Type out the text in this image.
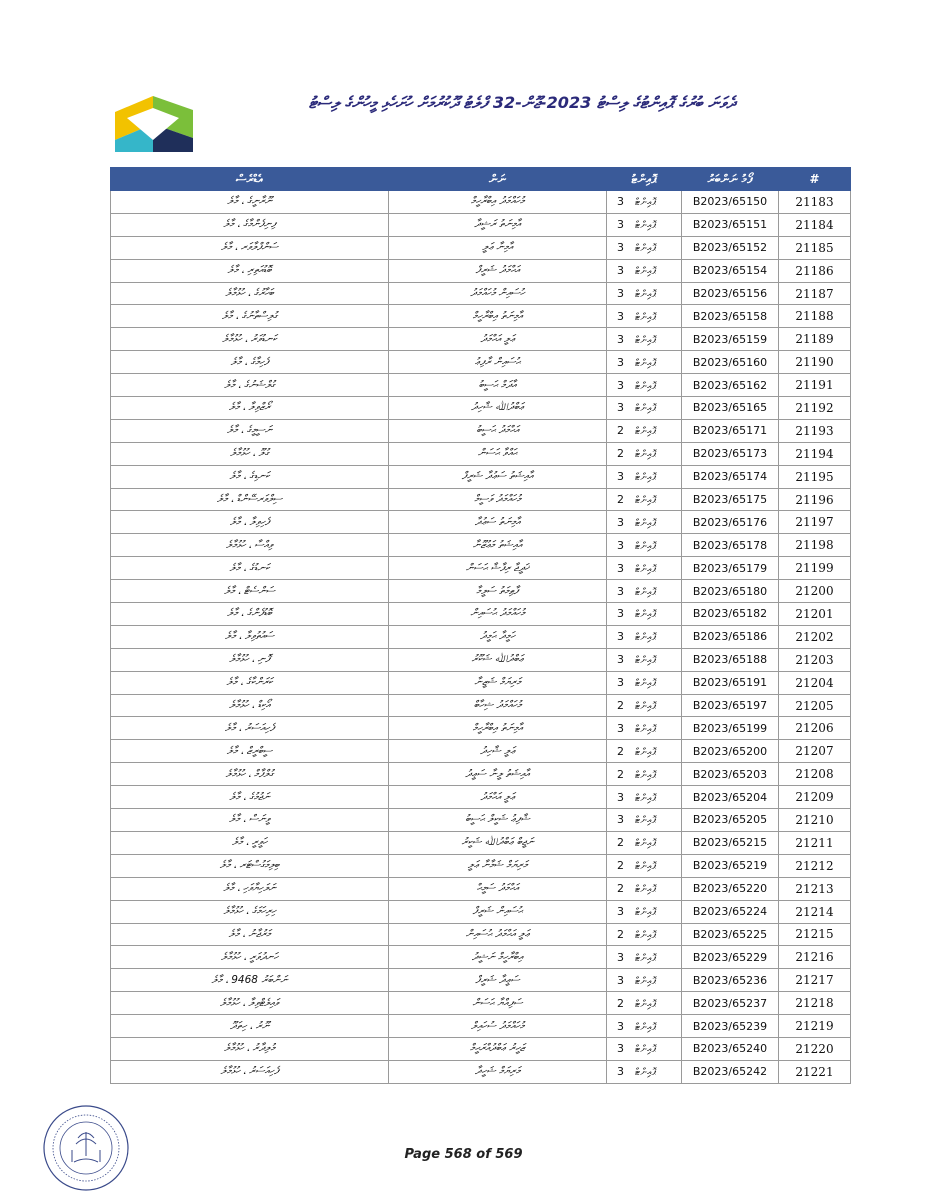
ދެވަނަ ބުރުގެ ޕޮއިންޓުގެ ލިސްޓު 2023-ޖޫން-32 ފްލެޓު ދޫކުރުމަށް ހުށަހެޅި މީހުންގެ ލިސްޓު
އެޑްރެސް	ނަން	ޕޮއިންޓު	ފޯމު ނަންބަރު	#
ނޫރާނީގެ ، މާލެ	މުހައްމަދު އިބްރާހީމް	3 ޕޮއިންޓް	B2023/65150	21183
ފިނިފެންމާގެ ، މާލެ	އާމިނަތު ރަޝީދާ	3 ޕޮއިންޓް	B2023/65151	21184
ސަންފްލާވަރ ، މާލެ	އާމިނާ ޢަލީ	3 ޕޮއިންޓް	B2023/65152	21185
ބޮޑުއަތިރި ، މާލެ	އަޙްމަދު ޝަރީފް	3 ޕޮއިންޓް	B2023/65154	21186
ބަހާރުގެ ، ހުޅުމާލެ	ހުސައިން މުހައްމަދު	3 ޕޮއިންޓް	B2023/65156	21187
ގުލިސްތާނުގެ ، މާލެ	އާމިނަތު އިބްރާހީމް	3 ޕޮއިންޓް	B2023/65158	21188
ކަނޑުވަރު ، ހުޅުމާލެ	ޢަލީ އަޙްމަދު	3 ޕޮއިންޓް	B2023/65159	21189
ފެހިމާގެ ، މާލެ	ޙުސައިން ރާފިޢު	3 ޕޮއިންޓް	B2023/65160	21190
ގުލްޝަނުގެ ، މާލެ	އާދަމް ޙަސީބު	3 ޕޮއިންޓް	B2023/65162	21191
ރޯޒްވިލާ ، މާލެ	ޢަބްދުﷲ ޝާހިދު	3 ޕޮއިންޓް	B2023/65165	21192
ނަސީމީގެ ، މާލެ	އަޙްމަދު ޙަސީބު	2 ޕޮއިންޓް	B2023/65171	21193
ގުލޫ ، ހުޅުމާލެ	ޙައްވާ ޙަސަން	2 ޕޮއިންޓް	B2023/65173	21194
ކަނޑިގެ ، މާލެ	އާއިޝަތު ސަޢުދާ ޝަރީފް	3 ޕޮއިންޓް	B2023/65174	21195
ސިލްވަރސޭންޑް ، މާލެ	މުހައްމަދު ވަސީމް	2 ޕޮއިންޓް	B2023/65175	21196
ފެހިވިލާ ، މާލެ	އާމިނަތު ސަޢުދާ	3 ޕޮއިންޓް	B2023/65176	21197
ވިއްސާ ، ހުޅުމާލެ	އާއިޝަތު މަޢުޒޫނާ	3 ޕޮއިންޓް	B2023/65178	21198
ކަނޑުގެ ، މާލެ	ޚަދީޖާ ރިފާޝާ ޙަސަން	3 ޕޮއިންޓް	B2023/65179	21199
ސަންސެޓް ، މާލެ	ފާޠިމަތު ސަލީމާ	3 ޕޮއިންޓް	B2023/65180	21200
ބޮޑުފެންގެ ، މާލެ	މުހައްމަދު ޙުސައިން	3 ޕޮއިންޓް	B2023/65182	21201
ސައުތުވިލާ ، މާލެ	ހަމީދާ ޙަމީދު	3 ޕޮއިންޓް	B2023/65186	21202
ފޮނި ، ހުޅުމާލެ	ޢަބްދުﷲ ޝަކޫރު	3 ޕޮއިންޓް	B2023/65188	21203
ކަރަންކާގެ ، މާލެ	މަރިޔަމް ޝަޒީނާ	3 ޕޮއިންޓް	B2023/65191	21204
އޯކިޑް ، ހުޅުމާލެ	މުހައްމަދު ޝިހާބް	2 ޕޮއިންޓް	B2023/65197	21205
ފެހިއަސަރު ، މާލެ	އާމިނަތު އިބްރާހީމް	3 ޕޮއިންޓް	B2023/65199	21206
ސީބްރީޒް ، މާލެ	ޢަލީ ޝާހިދު	2 ޕޮއިންޓް	B2023/65200	21207
ގުލްފާމް ، ހުޅުމާލެ	އާއިޝަތު ލީނާ ސަޢީދު	2 ޕޮއިންޓް	B2023/65203	21208
ނަޖުމުގެ ، މާލެ	ޢަލީ އަޙްމަދު	3 ޕޮއިންޓް	B2023/65204	21209
ވީނަސް ، މާލެ	ޝާފިޢު ޝަކީލް ޙަސީބު	3 ޕޮއިންޓް	B2023/65205	21210
ހަވީރީ ، މާލެ	ނަޖީބް ޢަބްދުﷲ ޝަކީރު	2 ޕޮއިންޓް	B2023/65215	21211
ބިލިމަގުސްޓަރ ، މާލެ	މަރިޔަމް ޝަމާނާ ޢަލީ	2 ޕޮއިންޓް	B2023/65219	21212
ނަލަހިޔާވަހި ، މާލެ	އަޙްމަދު ސަމީޙް	2 ޕޮއިންޓް	B2023/65220	21213
ހިރިހަމަގެ ، ހުޅުމާލެ	ޙުސައިން ޝަރީފް	3 ޕޮއިންޓް	B2023/65224	21214
މަރުޖާނު ، މާލެ	ޢަލީ އަޙްމަދު ޙުސައިން	2 ޕޮއިންޓް	B2023/65225	21215
ހަނދުވަރީ ، ހުޅުމާލެ	އިބްރާހީމް ނަޝީދު	3 ޕޮއިންޓް	B2023/65229	21216
ނަންބަރު 9468 ، މާލެ	ސަޢީދާ ޝަރީފް	3 ޕޮއިންޓް	B2023/65236	21217
ވައިލެޓްވިލާ ، ހުޅުމާލެ	ސަފިއްޔާ ޙަސަން	2 ޕޮއިންޓް	B2023/65237	21218
ނޫރު ، ހިތަދޫ	މުހައްމަދު ސުހައިލް	3 ޕޮއިންޓް	B2023/65239	21219
މުލިދާރު ، ހުޅުމާލެ	ޒަހީރު ޢަބްދުއްރަޙީމް	3 ޕޮއިންޓް	B2023/65240	21220
ފެހިއަސަރު ، ހުޅުމާލެ	މަރިޔަމް ޝަހީދާ	3 ޕޮއިންޓް	B2023/65242	21221
Page 568 of 569
